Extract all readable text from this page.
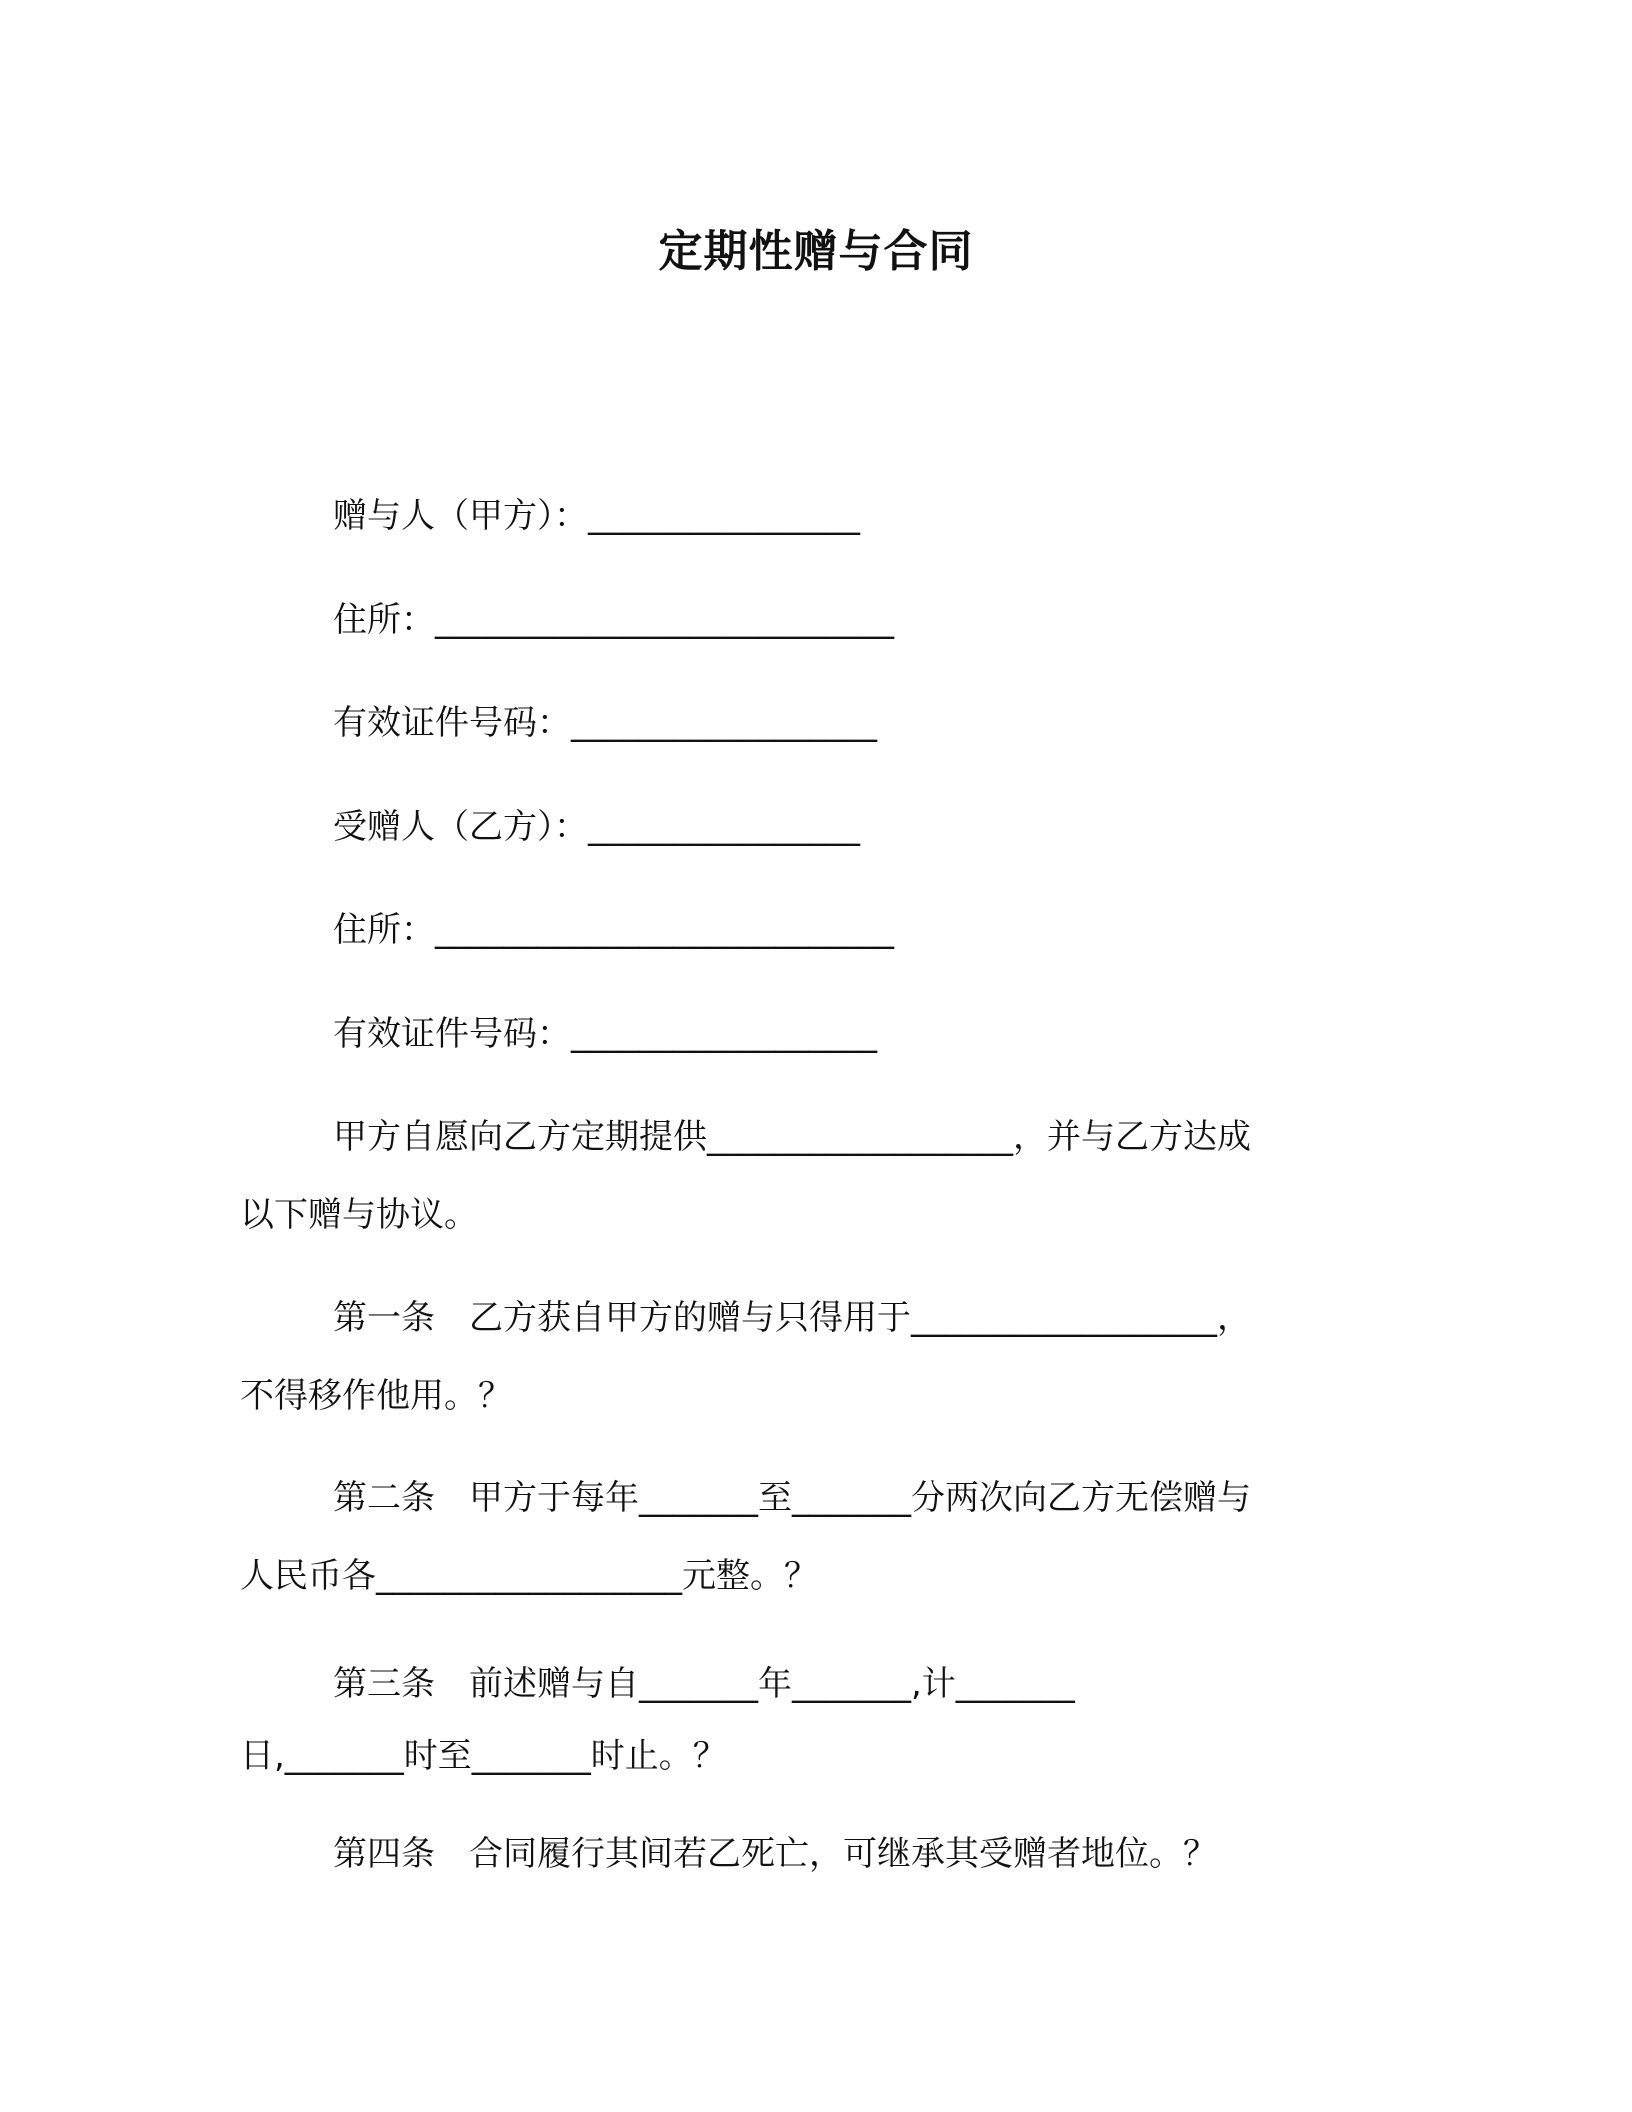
定期性赠与合同
赠与人（甲方）：________________
住所：___________________________
有效证件号码：__________________
受赠人（乙方）：________________
住所：___________________________
有效证件号码：__________________
甲方自愿向乙方定期提供__________________，并与乙方达成
以下赠与协议。
第一条　乙方获自甲方的赠与只得用于__________________，
不得移作他用。？
第二条　甲方于每年_______至_______分两次向乙方无偿赠与
人民币各__________________元整。？
第三条　前述赠与自_______年_______,计_______
日,_______时至_______时止。？
第四条　合同履行其间若乙死亡，可继承其受赠者地位。？
